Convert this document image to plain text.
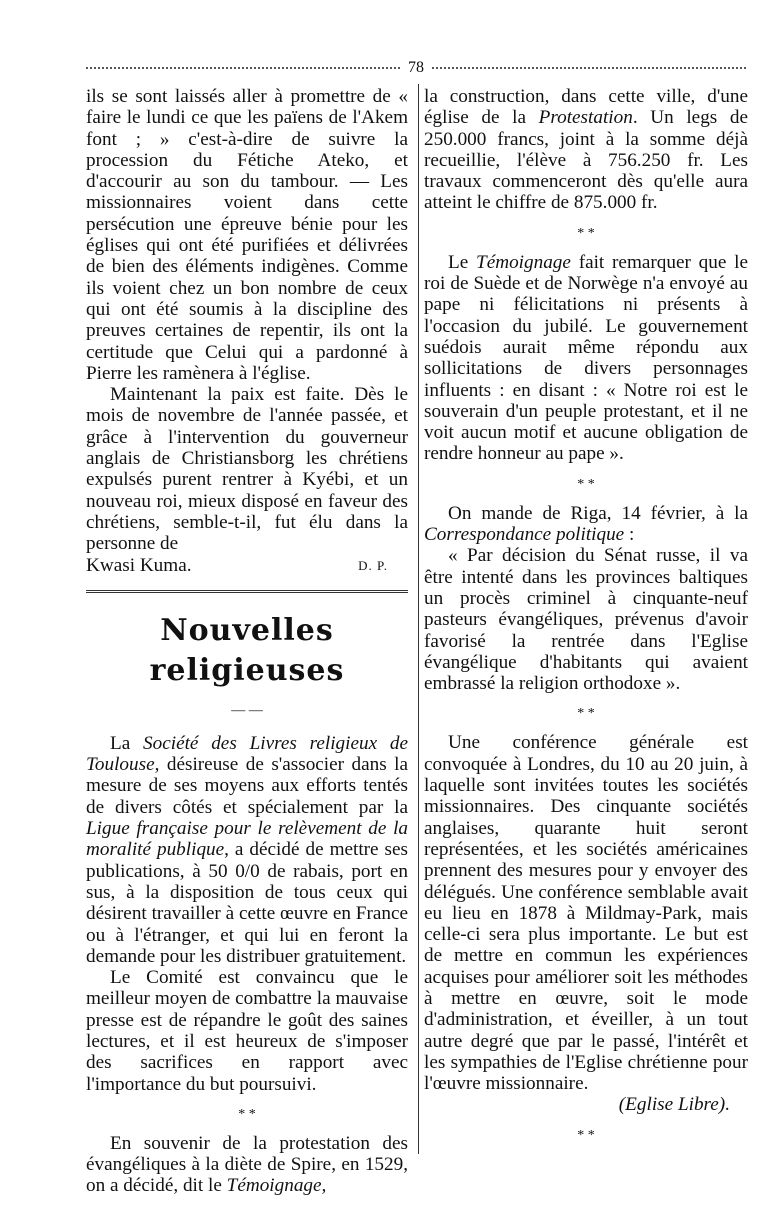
78

ils se sont laissés aller à promettre de « faire le lundi ce que les païens de l'Akem font ; » c'est-à-dire de suivre la procession du Fétiche Ateko, et d'accourir au son du tambour. — Les missionnaires voient dans cette persécution une épreuve bénie pour les églises qui ont été purifiées et délivrées de bien des éléments indigènes. Comme ils voient chez un bon nombre de ceux qui ont été soumis à la discipline des preuves certaines de repentir, ils ont la certitude que Celui qui a pardonné à Pierre les ramènera à l'église.

Maintenant la paix est faite. Dès le mois de novembre de l'année passée, et grâce à l'intervention du gouverneur anglais de Christiansborg les chrétiens expulsés purent rentrer à Kyébi, et un nouveau roi, mieux disposé en faveur des chrétiens, semble-t-il, fut élu dans la personne de

Kwasi Kuma.	D. P.
Nouvelles religieuses
— —

La Société des Livres religieux de Toulouse, désireuse de s'associer dans la mesure de ses moyens aux efforts tentés de divers côtés et spécialement par la Ligue française pour le relèvement de la moralité publique, a décidé de mettre ses publications, à 50 0/0 de rabais, port en sus, à la disposition de tous ceux qui désirent travailler à cette œuvre en France ou à l'étranger, et qui lui en feront la demande pour les distribuer gratuitement.

Le Comité est convaincu que le meilleur moyen de combattre la mauvaise presse est de répandre le goût des saines lectures, et il est heureux de s'imposer des sacrifices en rapport avec l'importance du but poursuivi.

* *

En souvenir de la protestation des évangéliques à la diète de Spire, en 1529, on a décidé, dit le Témoignage,

la construction, dans cette ville, d'une église de la Protestation. Un legs de 250.000 francs, joint à la somme déjà recueillie, l'élève à 756.250 fr. Les travaux commenceront dès qu'elle aura atteint le chiffre de 875.000 fr.

* *

Le Témoignage fait remarquer que le roi de Suède et de Norwège n'a envoyé au pape ni félicitations ni présents à l'occasion du jubilé. Le gouvernement suédois aurait même répondu aux sollicitations de divers personnages influents : en disant : « Notre roi est le souverain d'un peuple protestant, et il ne voit aucun motif et aucune obligation de rendre honneur au pape ».

* *

On mande de Riga, 14 février, à la Correspondance politique :

« Par décision du Sénat russe, il va être intenté dans les provinces baltiques un procès criminel à cinquante-neuf pasteurs évangéliques, prévenus d'avoir favorisé la rentrée dans l'Eglise évangélique d'habitants qui avaient embrassé la religion orthodoxe ».

* *

Une conférence générale est convoquée à Londres, du 10 au 20 juin, à laquelle sont invitées toutes les sociétés missionnaires. Des cinquante sociétés anglaises, quarante huit seront représentées, et les sociétés américaines prennent des mesures pour y envoyer des délégués. Une conférence semblable avait eu lieu en 1878 à Mildmay-Park, mais celle-ci sera plus importante. Le but est de mettre en commun les expériences acquises pour améliorer soit les méthodes à mettre en œuvre, soit le mode d'administration, et éveiller, à un tout autre degré que par le passé, l'intérêt et les sympathies de l'Eglise chrétienne pour l'œuvre missionnaire.

(Eglise Libre).

* *
